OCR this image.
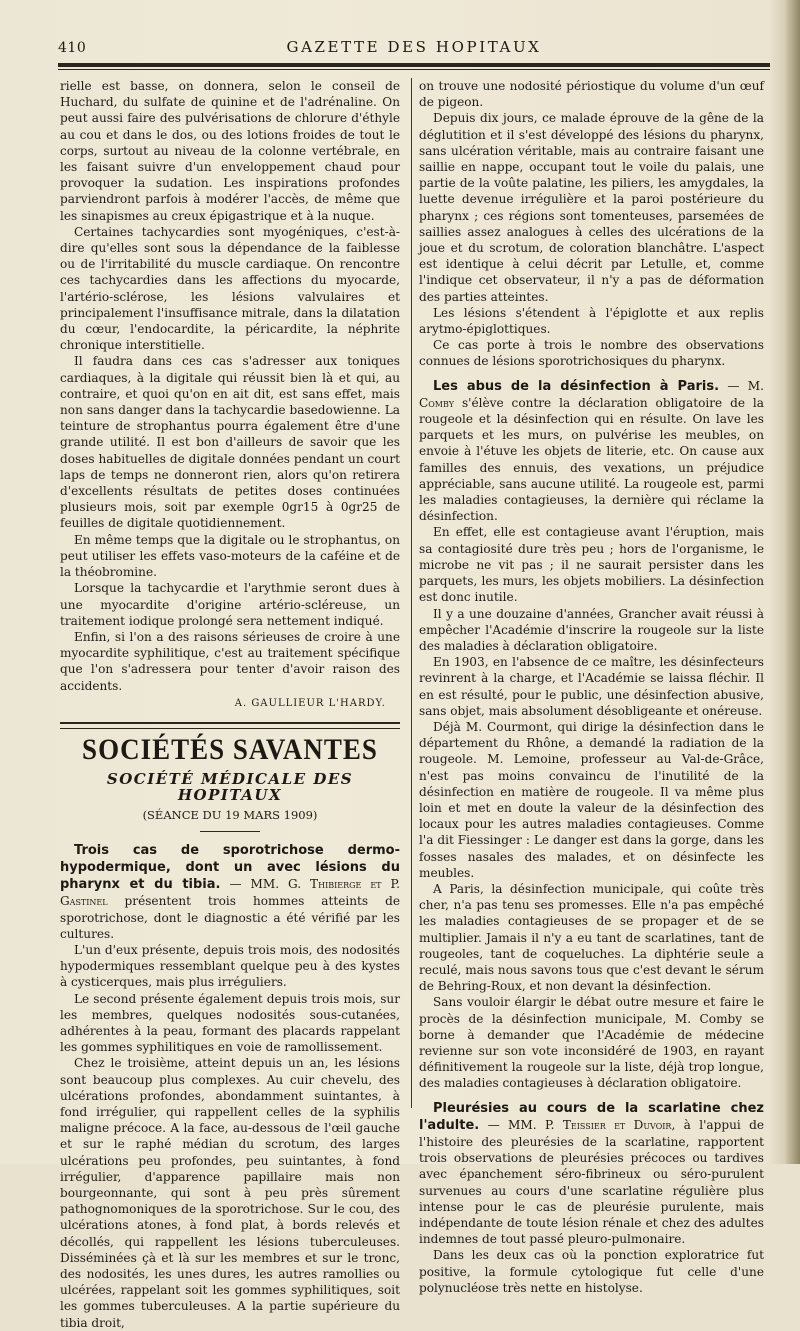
410	GAZETTE DES HOPITAUX

rielle est basse, on donnera, selon le conseil de Huchard, du sulfate de quinine et de l'adrénaline. On peut aussi faire des pulvérisations de chlorure d'éthyle au cou et dans le dos, ou des lotions froides de tout le corps, surtout au niveau de la colonne vertébrale, en les faisant suivre d'un enveloppement chaud pour provoquer la sudation. Les inspirations profondes parviendront parfois à modérer l'accès, de même que les sinapismes au creux épigastrique et à la nuque.

Certaines tachycardies sont myogéniques, c'est-à-dire qu'elles sont sous la dépendance de la faiblesse ou de l'irritabilité du muscle cardiaque. On rencontre ces tachycardies dans les affections du myocarde, l'artério-sclérose, les lésions valvulaires et principalement l'insuffisance mitrale, dans la dilatation du cœur, l'endocardite, la péricardite, la néphrite chronique interstitielle.

Il faudra dans ces cas s'adresser aux toniques cardiaques, à la digitale qui réussit bien là et qui, au contraire, et quoi qu'on en ait dit, est sans effet, mais non sans danger dans la tachycardie basedowienne. La teinture de strophantus pourra également être d'une grande utilité. Il est bon d'ailleurs de savoir que les doses habituelles de digitale données pendant un court laps de temps ne donneront rien, alors qu'on retirera d'excellents résultats de petites doses continuées plusieurs mois, soit par exemple 0gr15 à 0gr25 de feuilles de digitale quotidiennement.

En même temps que la digitale ou le strophantus, on peut utiliser les effets vaso-moteurs de la caféine et de la théobromine.

Lorsque la tachycardie et l'arythmie seront dues à une myocardite d'origine artério-scléreuse, un traitement iodique prolongé sera nettement indiqué.

Enfin, si l'on a des raisons sérieuses de croire à une myocardite syphilitique, c'est au traitement spécifique que l'on s'adressera pour tenter d'avoir raison des accidents.

A. GAULLIEUR L'HARDY.
SOCIÉTÉS SAVANTES
SOCIÉTÉ MÉDICALE DES HOPITAUX
(SÉANCE DU 19 MARS 1909)

Trois cas de sporotrichose dermo-hypodermique, dont un avec lésions du pharynx et du tibia. — MM. G. Thibierge et P. Gastinel présentent trois hommes atteints de sporotrichose, dont le diagnostic a été vérifié par les cultures.

L'un d'eux présente, depuis trois mois, des nodosités hypodermiques ressemblant quelque peu à des kystes à cysticerques, mais plus irréguliers.

Le second présente également depuis trois mois, sur les membres, quelques nodosités sous-cutanées, adhérentes à la peau, formant des placards rappelant les gommes syphilitiques en voie de ramollissement.

Chez le troisième, atteint depuis un an, les lésions sont beaucoup plus complexes. Au cuir chevelu, des ulcérations profondes, abondamment suintantes, à fond irrégulier, qui rappellent celles de la syphilis maligne précoce. A la face, au-dessous de l'œil gauche et sur le raphé médian du scrotum, des larges ulcérations peu profondes, peu suintantes, à fond irrégulier, d'apparence papillaire mais non bourgeonnante, qui sont à peu près sûrement pathognomoniques de la sporotrichose. Sur le cou, des ulcérations atones, à fond plat, à bords relevés et décollés, qui rappellent les lésions tuberculeuses. Disséminées çà et là sur les membres et sur le tronc, des nodosités, les unes dures, les autres ramollies ou ulcérées, rappelant soit les gommes syphilitiques, soit les gommes tuberculeuses. A la partie supérieure du tibia droit,

on trouve une nodosité périostique du volume d'un œuf de pigeon.

Depuis dix jours, ce malade éprouve de la gêne de la déglutition et il s'est développé des lésions du pharynx, sans ulcération véritable, mais au contraire faisant une saillie en nappe, occupant tout le voile du palais, une partie de la voûte palatine, les piliers, les amygdales, la luette devenue irrégulière et la paroi postérieure du pharynx ; ces régions sont tomenteuses, parsemées de saillies assez analogues à celles des ulcérations de la joue et du scrotum, de coloration blanchâtre. L'aspect est identique à celui décrit par Letulle, et, comme l'indique cet observateur, il n'y a pas de déformation des parties atteintes.

Les lésions s'étendent à l'épiglotte et aux replis arytmo-épiglottiques.

Ce cas porte à trois le nombre des observations connues de lésions sporotrichosiques du pharynx.

Les abus de la désinfection à Paris. — M. Comby s'élève contre la déclaration obligatoire de la rougeole et la désinfection qui en résulte. On lave les parquets et les murs, on pulvérise les meubles, on envoie à l'étuve les objets de literie, etc. On cause aux familles des ennuis, des vexations, un préjudice appréciable, sans aucune utilité. La rougeole est, parmi les maladies contagieuses, la dernière qui réclame la désinfection.

En effet, elle est contagieuse avant l'éruption, mais sa contagiosité dure très peu ; hors de l'organisme, le microbe ne vit pas ; il ne saurait persister dans les parquets, les murs, les objets mobiliers. La désinfection est donc inutile.

Il y a une douzaine d'années, Grancher avait réussi à empêcher l'Académie d'inscrire la rougeole sur la liste des maladies à déclaration obligatoire.

En 1903, en l'absence de ce maître, les désinfecteurs revinrent à la charge, et l'Académie se laissa fléchir. Il en est résulté, pour le public, une désinfection abusive, sans objet, mais absolument désobligeante et onéreuse.

Déjà M. Courmont, qui dirige la désinfection dans le département du Rhône, a demandé la radiation de la rougeole. M. Lemoine, professeur au Val-de-Grâce, n'est pas moins convaincu de l'inutilité de la désinfection en matière de rougeole. Il va même plus loin et met en doute la valeur de la désinfection des locaux pour les autres maladies contagieuses. Comme l'a dit Fiessinger : Le danger est dans la gorge, dans les fosses nasales des malades, et on désinfecte les meubles.

A Paris, la désinfection municipale, qui coûte très cher, n'a pas tenu ses promesses. Elle n'a pas empêché les maladies contagieuses de se propager et de se multiplier. Jamais il n'y a eu tant de scarlatines, tant de rougeoles, tant de coqueluches. La diphtérie seule a reculé, mais nous savons tous que c'est devant le sérum de Behring-Roux, et non devant la désinfection.

Sans vouloir élargir le débat outre mesure et faire le procès de la désinfection municipale, M. Comby se borne à demander que l'Académie de médecine revienne sur son vote inconsidéré de 1903, en rayant définitivement la rougeole sur la liste, déjà trop longue, des maladies contagieuses à déclaration obligatoire.

Pleurésies au cours de la scarlatine chez l'adulte. — MM. P. Teissier et Duvoir, à l'appui de l'histoire des pleurésies de la scarlatine, rapportent trois observations de pleurésies précoces ou tardives avec épanchement séro-fibrineux ou séro-purulent survenues au cours d'une scarlatine régulière plus intense pour le cas de pleurésie purulente, mais indépendante de toute lésion rénale et chez des adultes indemnes de tout passé pleuro-pulmonaire.

Dans les deux cas où la ponction exploratrice fut positive, la formule cytologique fut celle d'une polynucléose très nette en histolyse.
